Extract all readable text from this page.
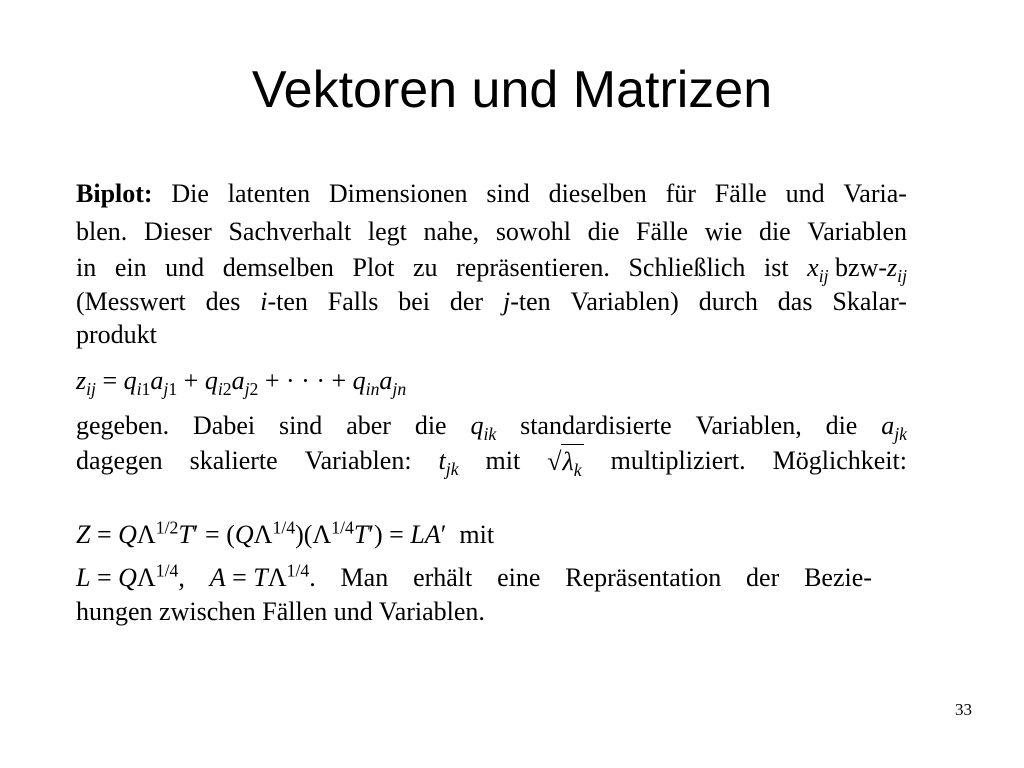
Vektoren und Matrizen
Biplot: Die latenten Dimensionen sind dieselben für Fälle und Varia-
blen. Dieser Sachverhalt legt nahe, sowohl die Fälle wie die Variablen
in ein und demselben Plot zu repräsentieren. Schließlich ist $x_{ij}$ bzw-$z_{ij}$
(Messwert des i-ten Falls bei der j-ten Variablen) durch das Skalar-
produkt
$z_{ij} = q_{i1}a_{j1} + q_{i2}a_{j2}$ + · · · + $q_{in}a_{jn}$
gegeben. Dabei sind aber die $q_{ik}$ standardisierte Variablen, die $a_{jk}$
dagegen skalierte Variablen: $t_{jk}$ mit $√\lambda_k$ multipliziert. Möglichkeit:
$Z = Q\Lambda^{1/2}T' = (Q\Lambda^{1/4})(\Lambda^{1/4}T') = LA'$  mit
$L = Q\Lambda^{1/4}$, $A = T\Lambda^{1/4}$. Man erhält eine Repräsentation der Bezie-
hungen zwischen Fällen und Variablen.
33
